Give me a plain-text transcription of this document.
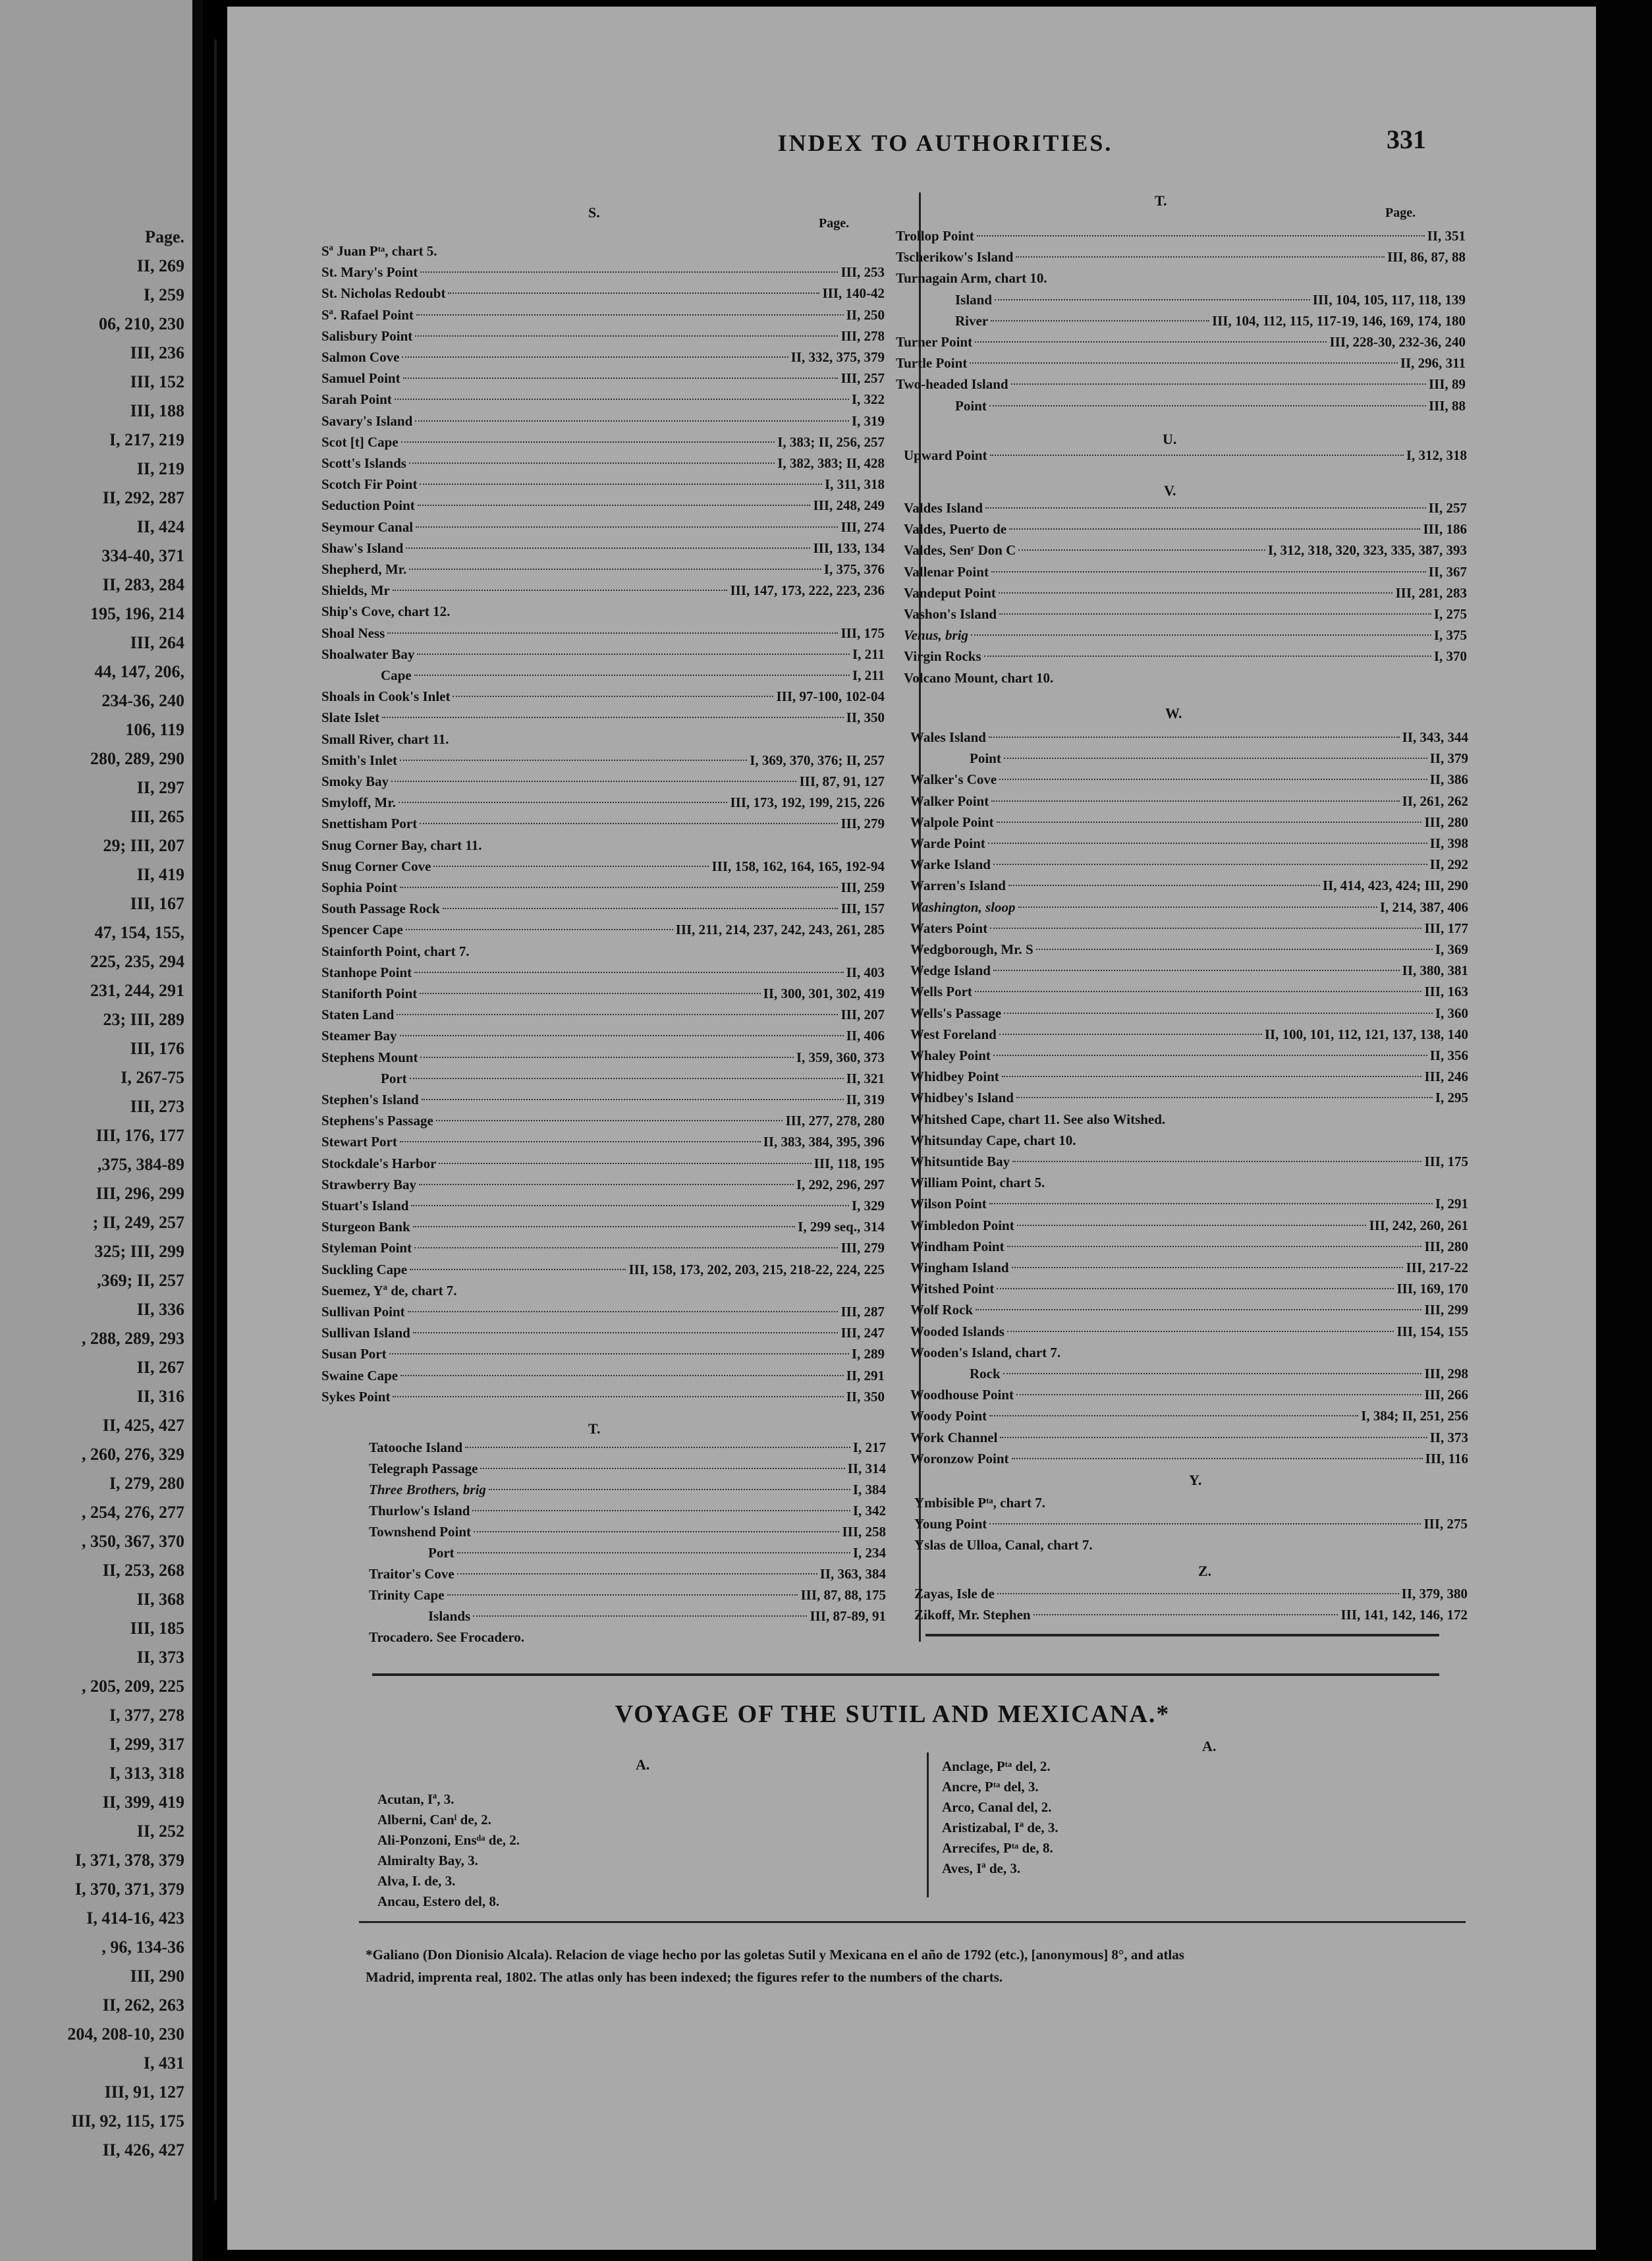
Page.
II, 269
I, 259
06, 210, 230
III, 236
III, 152
III, 188
I, 217, 219
II, 219
II, 292, 287
II, 424
334-40, 371
II, 283, 284
195, 196, 214
III, 264
44, 147, 206,
234-36, 240
106, 119
280, 289, 290
II, 297
III, 265
29; III, 207
II, 419
III, 167
47, 154, 155,
225, 235, 294
231, 244, 291
23; III, 289
III, 176
I, 267-75
III, 273
III, 176, 177
,375, 384-89
III, 296, 299
; II, 249, 257
325; III, 299
,369; II, 257
II, 336
, 288, 289, 293
II, 267
II, 316
II, 425, 427
, 260, 276, 329
I, 279, 280
, 254, 276, 277
, 350, 367, 370
II, 253, 268
II, 368
III, 185
II, 373
, 205, 209, 225
I, 377, 278
I, 299, 317
I, 313, 318
II, 399, 419
II, 252
I, 371, 378, 379
I, 370, 371, 379
I, 414-16, 423
, 96, 134-36
III, 290
II, 262, 263
204, 208-10, 230
I, 431
III, 91, 127
III, 92, 115, 175
II, 426, 427
INDEX TO AUTHORITIES.	331
S.
Page.
Sª Juan Pᵗᵃ, chart 5.
St. Mary's Point	III, 253
St. Nicholas Redoubt	III, 140-42
Sª. Rafael Point	II, 250
Salisbury Point	III, 278
Salmon Cove	II, 332, 375, 379
Samuel Point	III, 257
Sarah Point	I, 322
Savary's Island	I, 319
Scot [t] Cape	I, 383; II, 256, 257
Scott's Islands	I, 382, 383; II, 428
Scotch Fir Point	I, 311, 318
Seduction Point	III, 248, 249
Seymour Canal	III, 274
Shaw's Island	III, 133, 134
Shepherd, Mr.	I, 375, 376
Shields, Mr	III, 147, 173, 222, 223, 236
Ship's Cove, chart 12.
Shoal Ness	III, 175
Shoalwater Bay	I, 211
Cape	I, 211
Shoals in Cook's Inlet	III, 97-100, 102-04
Slate Islet	II, 350
Small River, chart 11.
Smith's Inlet	I, 369, 370, 376; II, 257
Smoky Bay	III, 87, 91, 127
Smyloff, Mr.	III, 173, 192, 199, 215, 226
Snettisham Port	III, 279
Snug Corner Bay, chart 11.
Snug Corner Cove	III, 158, 162, 164, 165, 192-94
Sophia Point	III, 259
South Passage Rock	III, 157
Spencer Cape	III, 211, 214, 237, 242, 243, 261, 285
Stainforth Point, chart 7.
Stanhope Point	II, 403
Staniforth Point	II, 300, 301, 302, 419
Staten Land	III, 207
Steamer Bay	II, 406
Stephens Mount	I, 359, 360, 373
Port	II, 321
Stephen's Island	II, 319
Stephens's Passage	III, 277, 278, 280
Stewart Port	II, 383, 384, 395, 396
Stockdale's Harbor	III, 118, 195
Strawberry Bay	I, 292, 296, 297
Stuart's Island	I, 329
Sturgeon Bank	I, 299 seq., 314
Styleman Point	III, 279
Suckling Cape	III, 158, 173, 202, 203, 215, 218-22, 224, 225
Suemez, Yª de, chart 7.
Sullivan Point	III, 287
Sullivan Island	III, 247
Susan Port	I, 289
Swaine Cape	II, 291
Sykes Point	II, 350
T.
Tatooche Island	I, 217
Telegraph Passage	II, 314
Three Brothers, brig	I, 384
Thurlow's Island	I, 342
Townshend Point	III, 258
Port	I, 234
Traitor's Cove	II, 363, 384
Trinity Cape	III, 87, 88, 175
Islands	III, 87-89, 91
Trocadero. See Frocadero.
T.
Page.
Trollop Point	II, 351
Tscherikow's Island	III, 86, 87, 88
Turnagain Arm, chart 10.
Island	III, 104, 105, 117, 118, 139
River	III, 104, 112, 115, 117-19, 146, 169, 174, 180
Turner Point	III, 228-30, 232-36, 240
Turtle Point	II, 296, 311
Two-headed Island	III, 89
Point	III, 88
U.
Upward Point	I, 312, 318
V.
Valdes Island	II, 257
Valdes, Puerto de	III, 186
Valdes, Senʳ Don C	I, 312, 318, 320, 323, 335, 387, 393
Vallenar Point	II, 367
Vandeput Point	III, 281, 283
Vashon's Island	I, 275
Venus, brig	I, 375
Virgin Rocks	I, 370
Volcano Mount, chart 10.
W.
Wales Island	II, 343, 344
Point	II, 379
Walker's Cove	II, 386
Walker Point	II, 261, 262
Walpole Point	III, 280
Warde Point	II, 398
Warke Island	II, 292
Warren's Island	II, 414, 423, 424; III, 290
Washington, sloop	I, 214, 387, 406
Waters Point	III, 177
Wedgborough, Mr. S	I, 369
Wedge Island	II, 380, 381
Wells Port	III, 163
Wells's Passage	I, 360
West Foreland	II, 100, 101, 112, 121, 137, 138, 140
Whaley Point	II, 356
Whidbey Point	III, 246
Whidbey's Island	I, 295
Whitshed Cape, chart 11. See also Witshed.
Whitsunday Cape, chart 10.
Whitsuntide Bay	III, 175
William Point, chart 5.
Wilson Point	I, 291
Wimbledon Point	III, 242, 260, 261
Windham Point	III, 280
Wingham Island	III, 217-22
Witshed Point	III, 169, 170
Wolf Rock	III, 299
Wooded Islands	III, 154, 155
Wooden's Island, chart 7.
Rock	III, 298
Woodhouse Point	III, 266
Woody Point	I, 384; II, 251, 256
Work Channel	II, 373
Woronzow Point	III, 116
Y.
Ymbisible Pᵗᵃ, chart 7.
Young Point	III, 275
Yslas de Ulloa, Canal, chart 7.
Z.
Zayas, Isle de	II, 379, 380
Zikoff, Mr. Stephen	III, 141, 142, 146, 172
VOYAGE OF THE SUTIL AND MEXICANA.*
A.
A.
Acutan, Iª, 3.
Alberni, Canˡ de, 2.
Ali-Ponzoni, Ensᵈᵃ de, 2.
Almiralty Bay, 3.
Alva, I. de, 3.
Ancau, Estero del, 8.
Anclage, Pᵗᵃ del, 2.
Ancre, Pᵗᵃ del, 3.
Arco, Canal del, 2.
Aristizabal, Iª de, 3.
Arrecifes, Pᵗᵃ de, 8.
Aves, Iª de, 3.
*Galiano (Don Dionisio Alcala). Relacion de viage hecho por las goletas Sutil y Mexicana en el año de 1792 (etc.), [anonymous] 8°, and atlas
Madrid, imprenta real, 1802. The atlas only has been indexed; the figures refer to the numbers of the charts.
